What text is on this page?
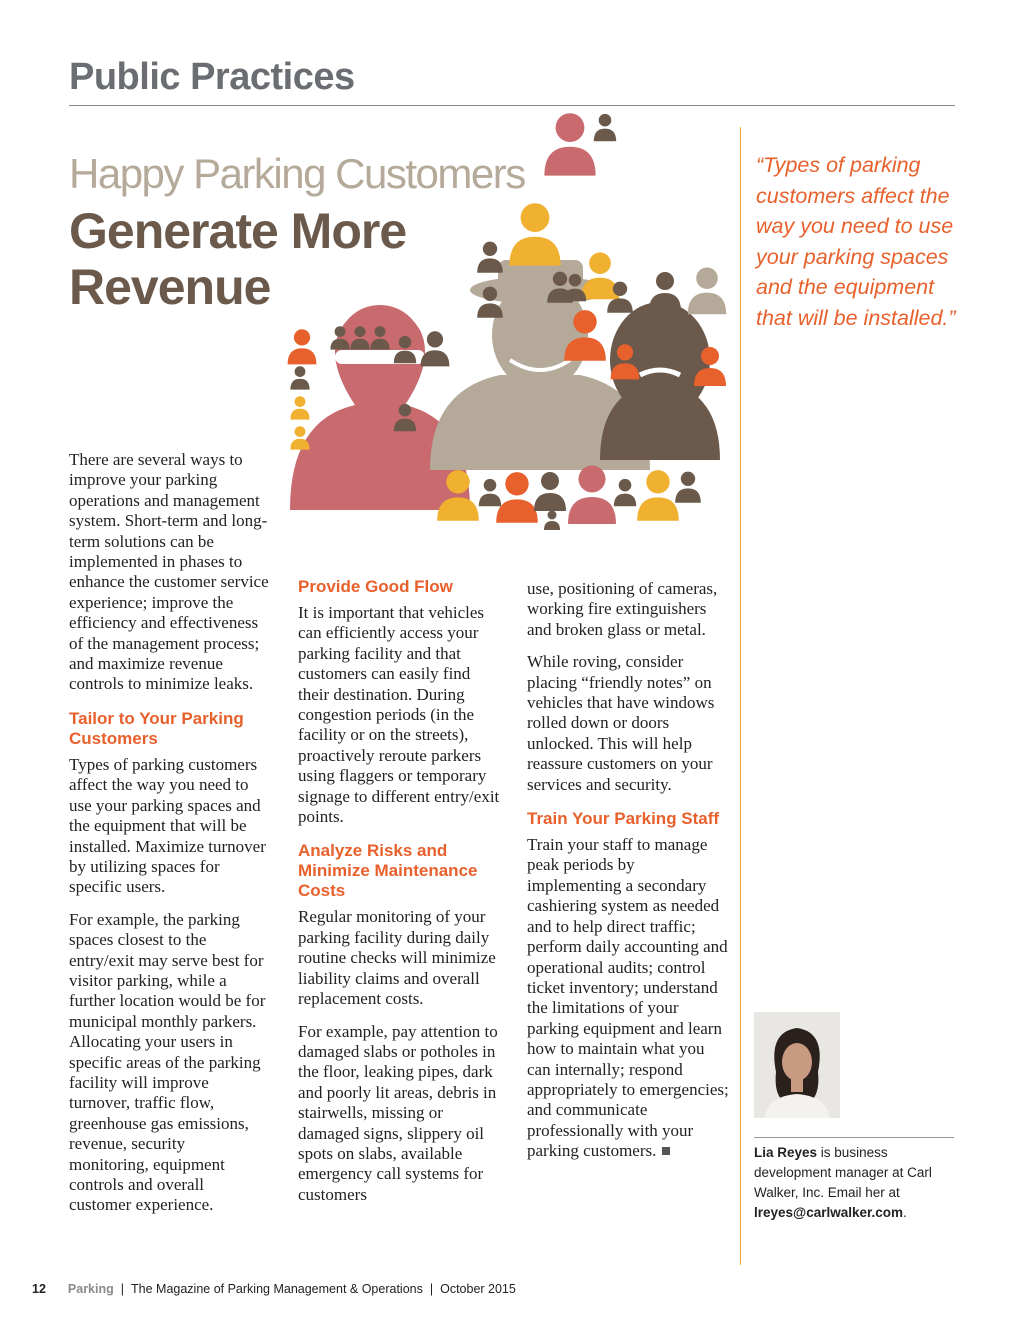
Public Practices
Happy Parking Customers
Generate More Revenue
“Types of parking customers affect the way you need to use your parking spaces and the equipment that will be installed.”

There are several ways to improve your parking operations and management system. Short-term and long-term solutions can be implemented in phases to enhance the customer service experience; improve the efficiency and effectiveness of the management process; and maximize revenue controls to minimize leaks.

Tailor to Your Parking Customers

Types of parking customers affect the way you need to use your parking spaces and the equipment that will be installed. Maximize turnover by utilizing spaces for specific users.

For example, the parking spaces closest to the entry/exit may serve best for visitor parking, while a further location would be for municipal monthly parkers. Allocating your users in specific areas of the parking facility will improve turnover, traffic flow, greenhouse gas emissions, revenue, security monitoring, equipment controls and overall customer experience.

Provide Good Flow

It is important that vehicles can efficiently access your parking facility and that customers can easily find their destination. During congestion periods (in the facility or on the streets), proactively reroute parkers using flaggers or temporary signage to different entry/exit points.

Analyze Risks and Minimize Maintenance Costs

Regular monitoring of your parking facility during daily routine checks will minimize liability claims and overall replacement costs.

For example, pay attention to damaged slabs or potholes in the floor, leaking pipes, dark and poorly lit areas, debris in stairwells, missing or damaged signs, slippery oil spots on slabs, available emergency call systems for customers

use, positioning of cameras, working fire extinguishers and broken glass or metal.

While roving, consider placing “friendly notes” on vehicles that have windows rolled down or doors unlocked. This will help reassure customers on your services and security.

Train Your Parking Staff

Train your staff to manage peak periods by implementing a secondary cashiering system as needed and to help direct traffic; perform daily accounting and operational audits; control ticket inventory; understand the limitations of your parking equipment and learn how to maintain what you can internally; respond appropriately to emergencies; and communicate professionally with your parking customers.	Lia Reyes is business development manager at Carl Walker, Inc. Email her at lreyes@carlwalker.com.
12 Parking | The Magazine of Parking Management & Operations | October 2015
